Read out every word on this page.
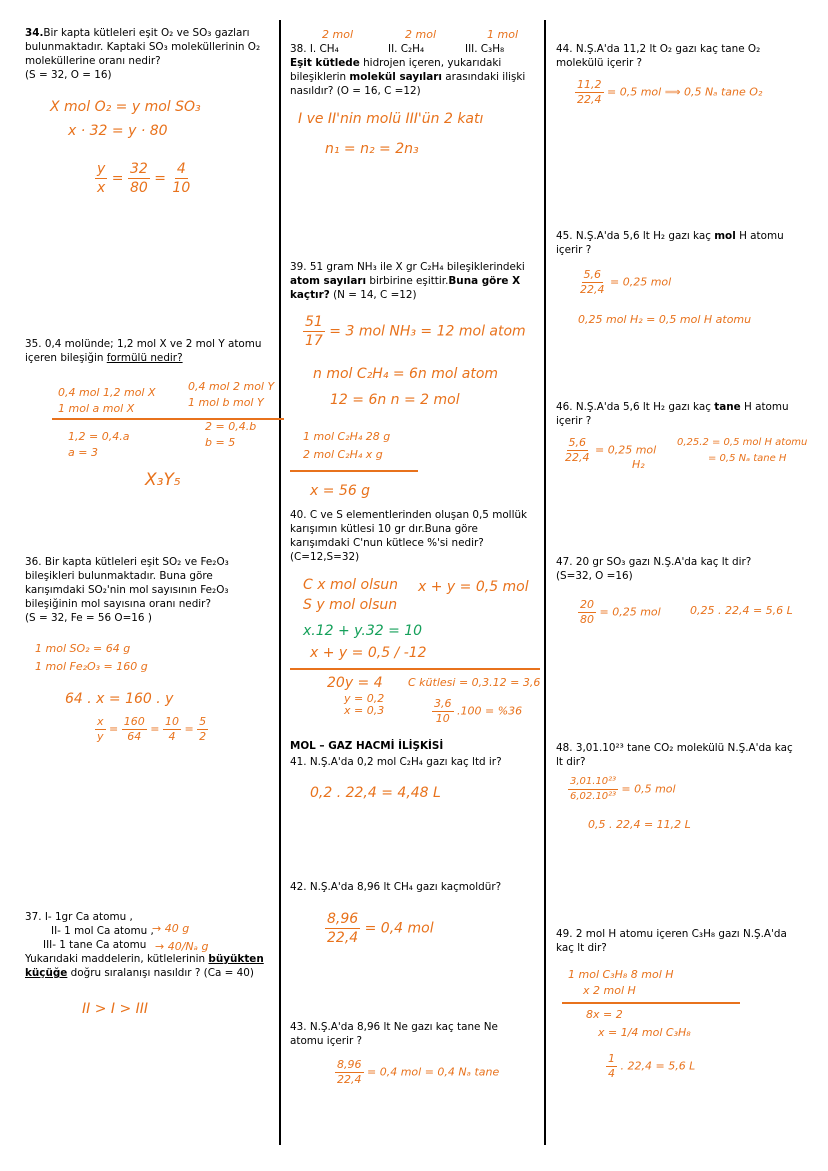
34.Bir kapta kütleleri eşit O₂ ve SO₃ gazları
bulunmaktadır. Kaptaki SO₃ moleküllerinin O₂
moleküllerine oranı nedir?
(S = 32, O = 16)
X mol O₂ = y mol SO₃
x · 32 = y · 80
$\frac{y}{x} = \frac{32}{80} = \frac{4}{10}$
35. 0,4 molünde; 1,2 mol X ve 2 mol Y atomu
içeren bileşiğin formülü nedir?
0,4 mol 1,2 mol X
1 mol a mol X
0,4 mol 2 mol Y
1 mol b mol Y
1,2 = 0,4.a
a = 3
2 = 0,4.b
b = 5
X₃Y₅
36. Bir kapta kütleleri eşit SO₂ ve Fe₂O₃
bileşikleri bulunmaktadır. Buna göre
karışımdaki SO₂'nin mol sayısının Fe₂O₃
bileşiğinin mol sayısına oranı nedir?
(S = 32, Fe = 56 O=16 )
1 mol SO₂ = 64 g
1 mol Fe₂O₃ = 160 g
64 . x = 160 . y
$\frac{x}{y} = \frac{160}{64} = \frac{10}{4} = \frac{5}{2}$
37. I- 1gr Ca atomu ,
II- 1 mol Ca atomu ,
III- 1 tane Ca atomu
Yukarıdaki maddelerin, kütlelerinin büyükten
küçüğe doğru sıralanışı nasıldır ? (Ca = 40)
→ 40 g
→ 40/Nₐ g
II > I > III
2 mol	2 mol	1 mol
38. I. CH₄	II. C₂H₄	III. C₃H₈
Eşit kütlede hidrojen içeren, yukarıdaki
bileşiklerin molekül sayıları arasındaki ilişki
nasıldır? (O = 16, C =12)
I ve II'nin molü III'ün 2 katı
n₁ = n₂ = 2n₃
39. 51 gram NH₃ ile X gr C₂H₄ bileşiklerindeki
atom sayıları birbirine eşittir.Buna göre X
kaçtır? (N = 14, C =12)
$\frac{51}{17} = 3$ mol NH₃ = 12 mol atom
n mol C₂H₄ = 6n mol atom
12 = 6n n = 2 mol
1 mol C₂H₄ 28 g
2 mol C₂H₄ x g
x = 56 g
40. C ve S elementlerinden oluşan 0,5 mollük
karışımın kütlesi 10 gr dır.Buna göre
karışımdaki C'nun kütlece %'si nedir?
(C=12,S=32)
C x mol olsun
S y mol olsun
x + y = 0,5 mol
x.12 + y.32 = 10
x + y = 0,5 / -12
20y = 4
y = 0,2
x = 0,3
C kütlesi = 0,3.12 = 3,6
$\frac{3,6}{10} .100 = \%36$
MOL – GAZ HACMİ İLİŞKİSİ
41. N.Ş.A'da 0,2 mol C₂H₄ gazı kaç ltd ir?
0,2 . 22,4 = 4,48 L
42. N.Ş.A'da 8,96 lt CH₄ gazı kaçmoldür?
$\frac{8,96}{22,4} = 0,4$ mol
43. N.Ş.A'da 8,96 lt Ne gazı kaç tane Ne
atomu içerir ?
$\frac{8,96}{22,4} = 0,4$ mol = 0,4 Nₐ tane
44. N.Ş.A'da 11,2 lt O₂ gazı kaç tane O₂
molekülü içerir ?
$\frac{11,2}{22,4} = 0,5$ mol ⟹ 0,5 Nₐ tane O₂
45. N.Ş.A'da 5,6 lt H₂ gazı kaç mol H atomu
içerir ?
$\frac{5,6}{22,4} = 0,25$ mol
0,25 mol H₂ = 0,5 mol H atomu
46. N.Ş.A'da 5,6 lt H₂ gazı kaç tane H atomu
içerir ?
$\frac{5,6}{22,4} = 0,25$ mol
H₂
0,25.2 = 0,5 mol H atomu
= 0,5 Nₐ tane H
47. 20 gr SO₃ gazı N.Ş.A'da kaç lt dir?
(S=32, O =16)
$\frac{20}{80} = 0,25$ mol	0,25 . 22,4 = 5,6 L
48. 3,01.10²³ tane CO₂ molekülü N.Ş.A'da kaç
lt dir?
$\frac{\text{3,01.10²³}}{\text{6,02.10²³}} = 0,5$ mol
0,5 . 22,4 = 11,2 L
49. 2 mol H atomu içeren C₃H₈ gazı N.Ş.A'da
kaç lt dir?
1 mol C₃H₈ 8 mol H
x 2 mol H
8x = 2
x = 1/4 mol C₃H₈
$\frac{1}{4}$ . 22,4 = 5,6 L
